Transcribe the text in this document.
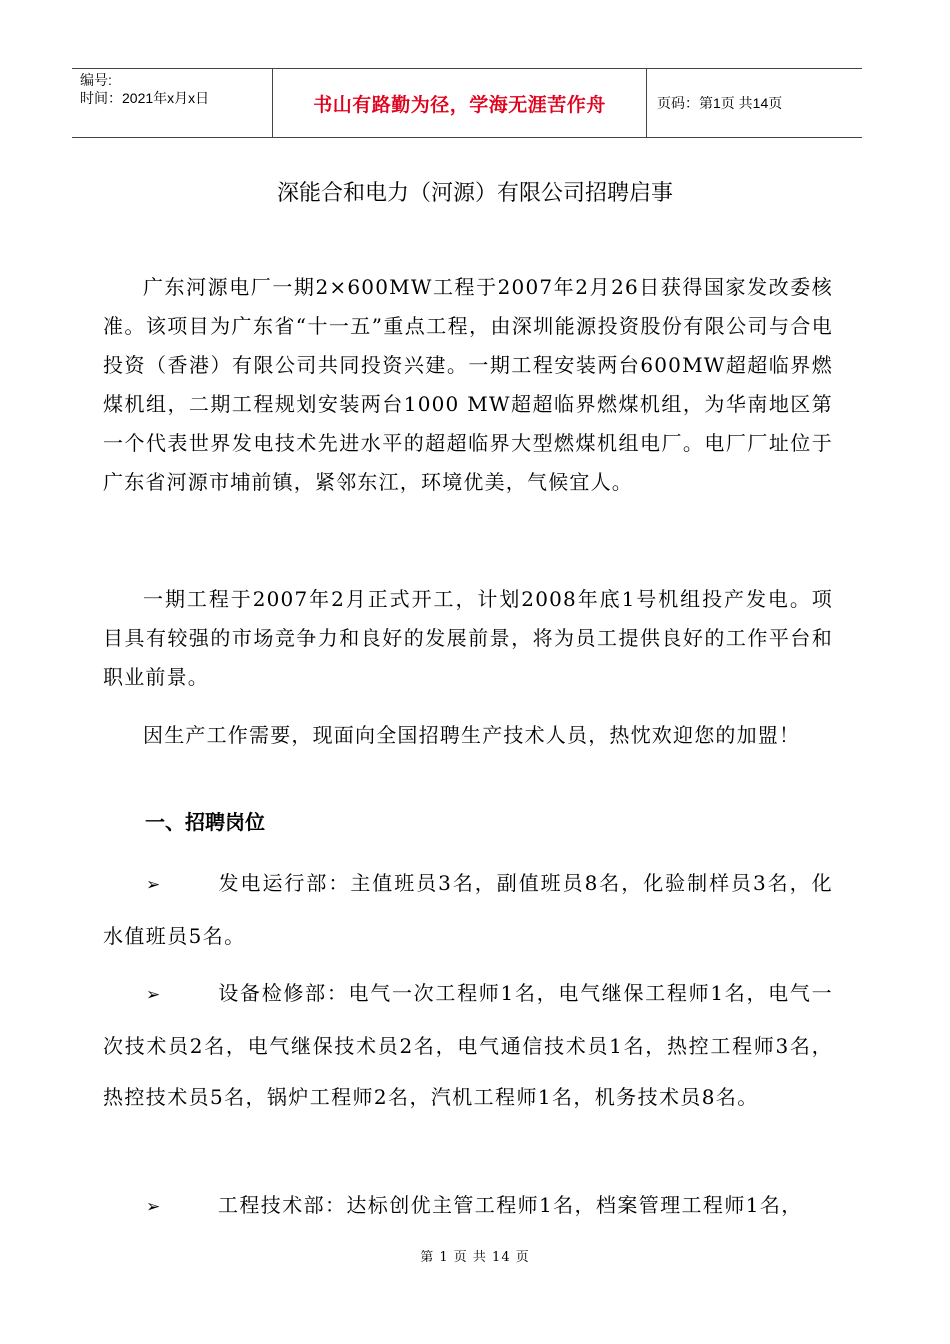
编号:
时间：2021年x月x日	书山有路勤为径，学海无涯苦作舟	页码：第1页 共14页
深能合和电力（河源）有限公司招聘启事

广东河源电厂一期2×600MW工程于2007年2月26日获得国家发改委核准。该项目为广东省“十一五”重点工程，由深圳能源投资股份有限公司与合电投资（香港）有限公司共同投资兴建。一期工程安装两台600MW超超临界燃煤机组，二期工程规划安装两台1000 MW超超临界燃煤机组，为华南地区第一个代表世界发电技术先进水平的超超临界大型燃煤机组电厂。电厂厂址位于广东省河源市埔前镇，紧邻东江，环境优美，气候宜人。

一期工程于2007年2月正式开工，计划2008年底1号机组投产发电。项目具有较强的市场竞争力和良好的发展前景，将为员工提供良好的工作平台和职业前景。

因生产工作需要，现面向全国招聘生产技术人员，热忱欢迎您的加盟！

一、招聘岗位
➢	发电运行部：主值班员3名，副值班员8名，化验制样员3名，化水值班员5名。
➢	设备检修部：电气一次工程师1名，电气继保工程师1名，电气一次技术员2名，电气继保技术员2名，电气通信技术员1名，热控工程师3名，热控技术员5名，锅炉工程师2名，汽机工程师1名，机务技术员8名。
➢	工程技术部：达标创优主管工程师1名，档案管理工程师1名，
第 1 页 共 14 页
